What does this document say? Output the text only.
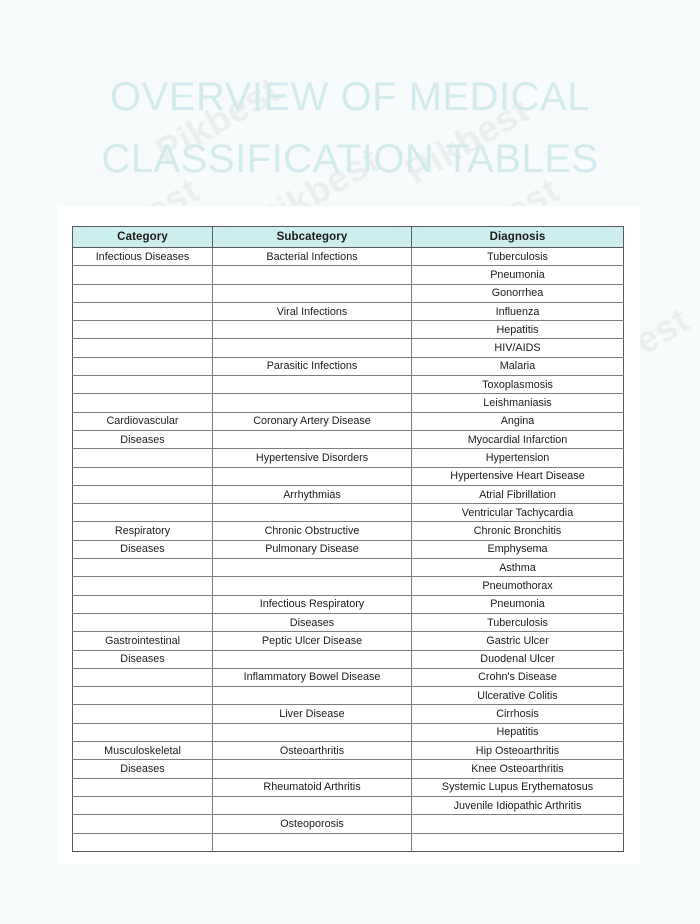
OVERVIEW OF MEDICAL
CLASSIFICATION TABLES
Category	Subcategory	Diagnosis
Infectious Diseases	Bacterial Infections	Tuberculosis
		Pneumonia
		Gonorrhea
	Viral Infections	Influenza
		Hepatitis
		HIV/AIDS
	Parasitic Infections	Malaria
		Toxoplasmosis
		Leishmaniasis
Cardiovascular	Coronary Artery Disease	Angina
Diseases		Myocardial Infarction
	Hypertensive Disorders	Hypertension
		Hypertensive Heart Disease
	Arrhythmias	Atrial Fibrillation
		Ventricular Tachycardia
Respiratory	Chronic Obstructive	Chronic Bronchitis
Diseases	Pulmonary Disease	Emphysema
		Asthma
		Pneumothorax
	Infectious Respiratory	Pneumonia
	Diseases	Tuberculosis
Gastrointestinal	Peptic Ulcer Disease	Gastric Ulcer
Diseases		Duodenal Ulcer
	Inflammatory Bowel Disease	Crohn's Disease
		Ulcerative Colitis
	Liver Disease	Cirrhosis
		Hepatitis
Musculoskeletal	Osteoarthritis	Hip Osteoarthritis
Diseases		Knee Osteoarthritis
	Rheumatoid Arthritis	Systemic Lupus Erythematosus
		Juvenile Idiopathic Arthritis
	Osteoporosis	
